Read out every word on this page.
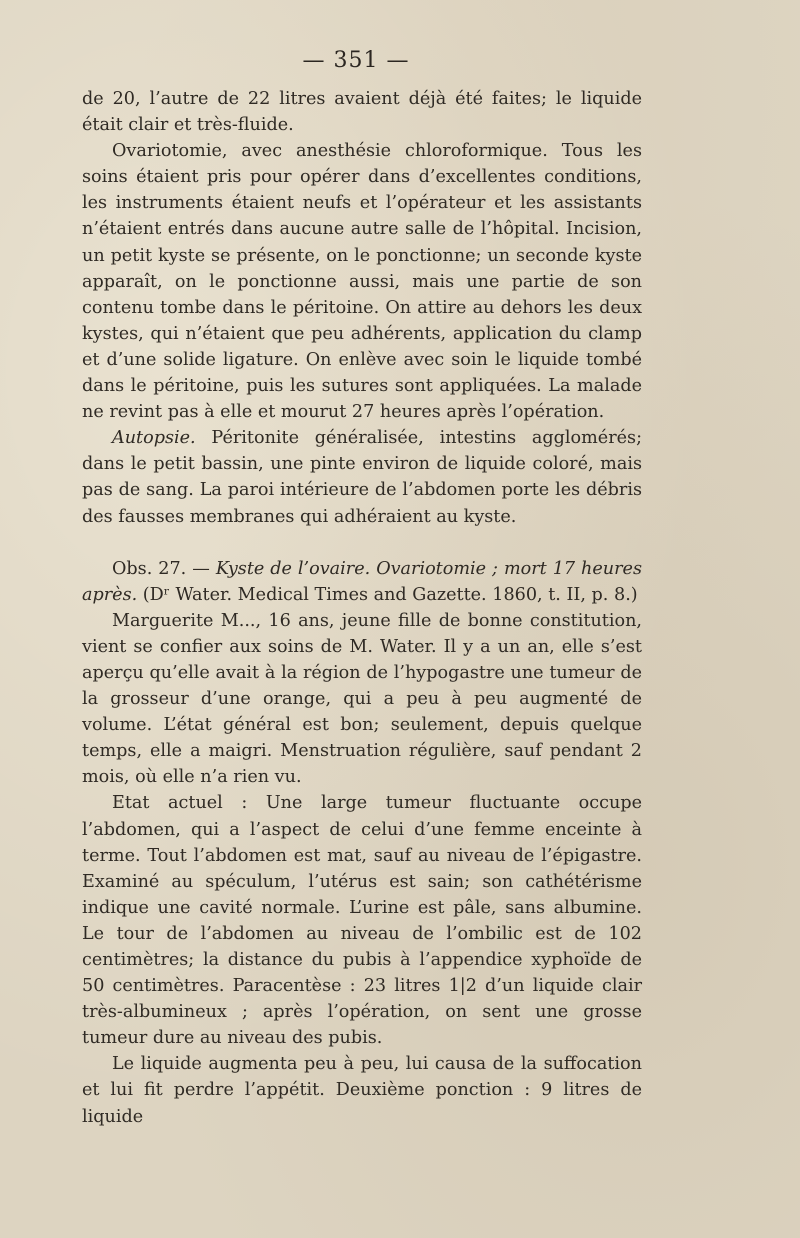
— 351 —

de 20, l’autre de 22 litres avaient déjà été faites; le liquide était clair et très-fluide.

Ovariotomie, avec anesthésie chloroformique. Tous les soins étaient pris pour opérer dans d’excellentes conditions, les instruments étaient neufs et l’opérateur et les assistants n’étaient entrés dans aucune autre salle de l’hôpital. Incision, un petit kyste se présente, on le ponctionne; un seconde kyste apparaît, on le ponctionne aussi, mais une partie de son contenu tombe dans le péritoine. On attire au dehors les deux kystes, qui n’étaient que peu adhérents, application du clamp et d’une solide ligature. On enlève avec soin le liquide tombé dans le péritoine, puis les sutures sont appliquées. La malade ne revint pas à elle et mourut 27 heures après l’opération.

Autopsie. Péritonite généralisée, intestins agglomérés; dans le petit bassin, une pinte environ de liquide coloré, mais pas de sang. La paroi intérieure de l’abdomen porte les débris des fausses membranes qui adhéraient au kyste.

Obs. 27. — Kyste de l’ovaire. Ovariotomie ; mort 17 heures après. (Dʳ Water. Medical Times and Gazette. 1860, t. II, p. 8.)

Marguerite M..., 16 ans, jeune fille de bonne constitution, vient se confier aux soins de M. Water. Il y a un an, elle s’est aperçu qu’elle avait à la région de l’hypogastre une tumeur de la grosseur d’une orange, qui a peu à peu augmenté de volume. L’état général est bon; seulement, depuis quelque temps, elle a maigri. Menstruation régulière, sauf pendant 2 mois, où elle n’a rien vu.

Etat actuel : Une large tumeur fluctuante occupe l’abdomen, qui a l’aspect de celui d’une femme enceinte à terme. Tout l’abdomen est mat, sauf au niveau de l’épigastre. Examiné au spéculum, l’utérus est sain; son cathétérisme indique une cavité normale. L’urine est pâle, sans albumine. Le tour de l’abdomen au niveau de l’ombilic est de 102 centimètres; la distance du pubis à l’appendice xyphoïde de 50 centimètres. Paracentèse : 23 litres 1|2 d’un liquide clair très-albumineux ; après l’opération, on sent une grosse tumeur dure au niveau des pubis.

Le liquide augmenta peu à peu, lui causa de la suffocation et lui fit perdre l’appétit. Deuxième ponction : 9 litres de liquide
